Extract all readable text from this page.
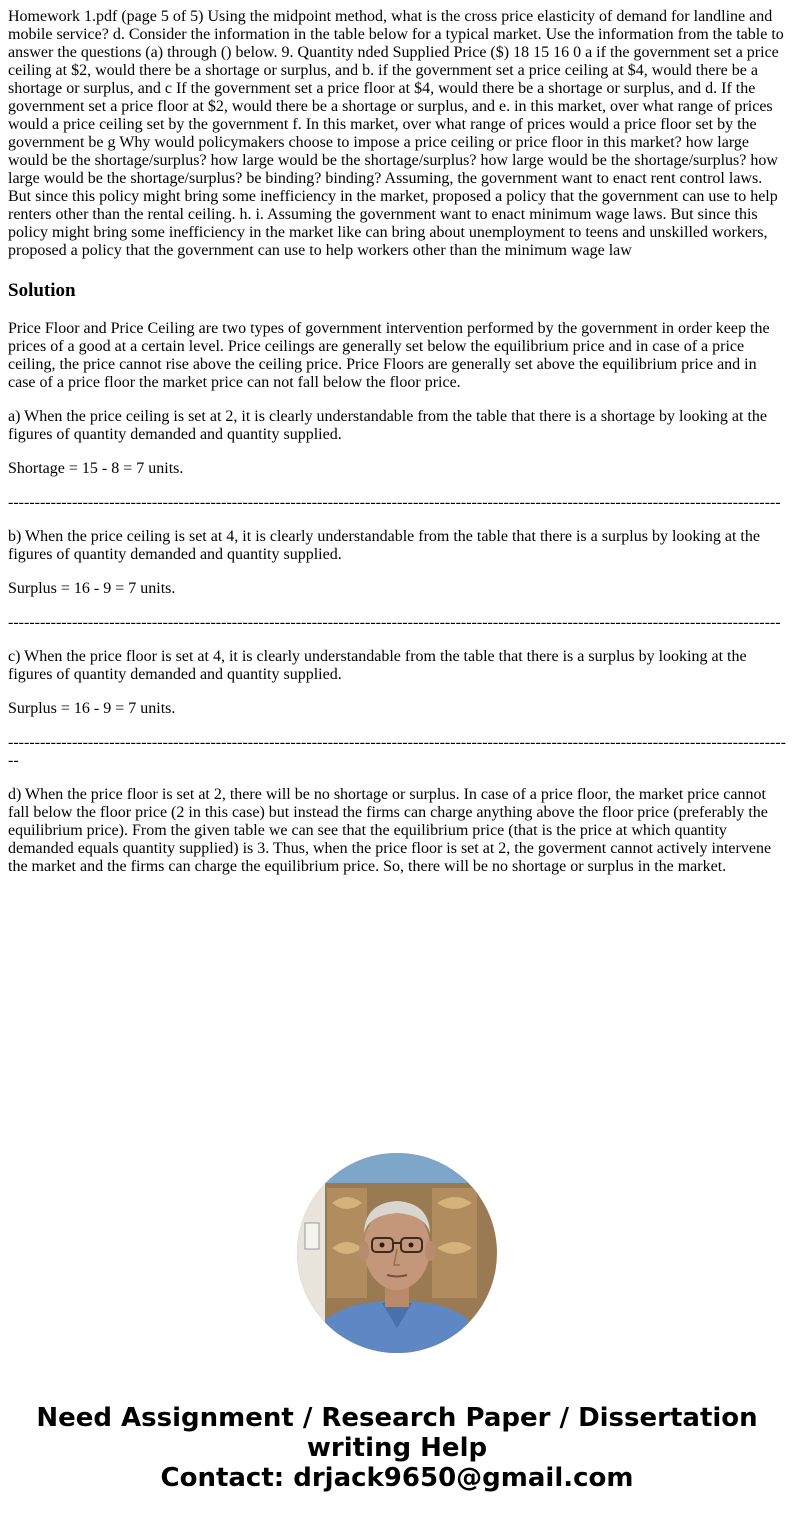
Homework 1.pdf (page 5 of 5) Using the midpoint method, what is the cross price elasticity of demand for landline and mobile service? d. Consider the information in the table below for a typical market. Use the information from the table to answer the questions (a) through () below. 9. Quantity nded Supplied Price ($) 18 15 16 0 a if the government set a price ceiling at $2, would there be a shortage or surplus, and b. if the government set a price ceiling at $4, would there be a shortage or surplus, and c If the government set a price floor at $4, would there be a shortage or surplus, and d. If the government set a price floor at $2, would there be a shortage or surplus, and e. in this market, over what range of prices would a price ceiling set by the government f. In this market, over what range of prices would a price floor set by the government be g Why would policymakers choose to impose a price ceiling or price floor in this market? how large would be the shortage/surplus? how large would be the shortage/surplus? how large would be the shortage/surplus? how large would be the shortage/surplus? be binding? binding? Assuming, the government want to enact rent control laws. But since this policy might bring some inefficiency in the market, proposed a policy that the government can use to help renters other than the rental ceiling. h. i. Assuming the government want to enact minimum wage laws. But since this policy might bring some inefficiency in the market like can bring about unemployment to teens and unskilled workers, proposed a policy that the government can use to help workers other than the minimum wage law
Solution

Price Floor and Price Ceiling are two types of government intervention performed by the government in order keep the prices of a good at a certain level. Price ceilings are generally set below the equilibrium price and in case of a price ceiling, the price cannot rise above the ceiling price. Price Floors are generally set above the equilibrium price and in case of a price floor the market price can not fall below the floor price.

a) When the price ceiling is set at 2, it is clearly understandable from the table that there is a shortage by looking at the figures of quantity demanded and quantity supplied.

Shortage = 15 - 8 = 7 units.

-------------------------------------------------------------------------------------------------------------------------------------------------

b) When the price ceiling is set at 4, it is clearly understandable from the table that there is a surplus by looking at the figures of quantity demanded and quantity supplied.

Surplus = 16 - 9 = 7 units.

-------------------------------------------------------------------------------------------------------------------------------------------------

c) When the price floor is set at 4, it is clearly understandable from the table that there is a surplus by looking at the figures of quantity demanded and quantity supplied.

Surplus = 16 - 9 = 7 units.

----------------------------------------------------------------------------------------------------------------------------------------------------

d) When the price floor is set at 2, there will be no shortage or surplus. In case of a price floor, the market price cannot fall below the floor price (2 in this case) but instead the firms can charge anything above the floor price (preferably the equilibrium price). From the given table we can see that the equilibrium price (that is the price at which quantity demanded equals quantity supplied) is 3. Thus, when the price floor is set at 2, the goverment cannot actively intervene the market and the firms can charge the equilibrium price. So, there will be no shortage or surplus in the market.

Need Assignment / Research Paper / Dissertation
writing Help
Contact: drjack9650@gmail.com
